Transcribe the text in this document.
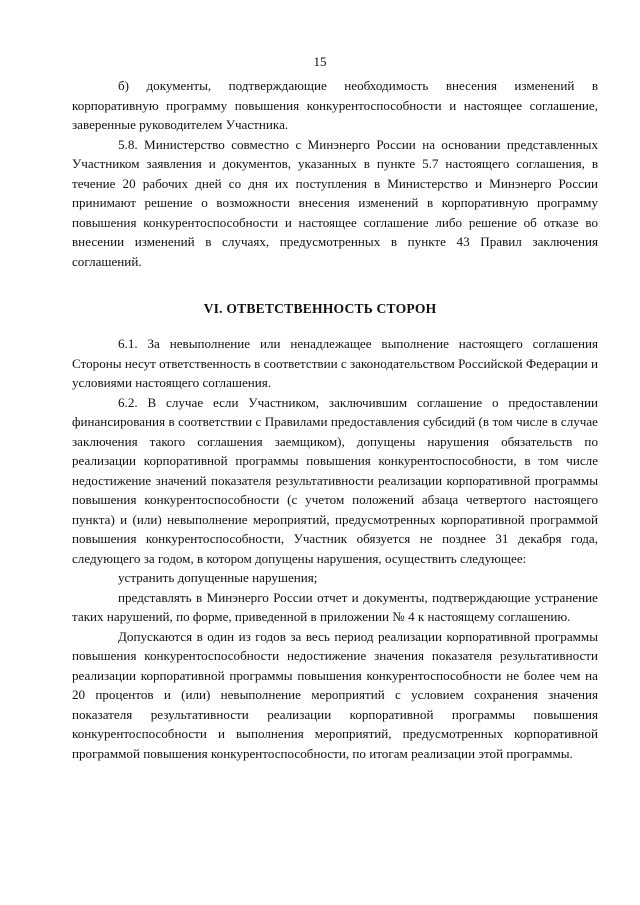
15

б) документы, подтверждающие необходимость внесения изменений в корпоративную программу повышения конкурентоспособности и настоящее соглашение, заверенные руководителем Участника.

5.8. Министерство совместно с Минэнерго России на основании представленных Участником заявления и документов, указанных в пункте 5.7 настоящего соглашения, в течение 20 рабочих дней со дня их поступления в Министерство и Минэнерго России принимают решение о возможности внесения изменений в корпоративную программу повышения конкурентоспособности и настоящее соглашение либо решение об отказе во внесении изменений в случаях, предусмотренных в пункте 43 Правил заключения соглашений.

VI. ОТВЕТСТВЕННОСТЬ СТОРОН

6.1. За невыполнение или ненадлежащее выполнение настоящего соглашения Стороны несут ответственность в соответствии с законодательством Российской Федерации и условиями настоящего соглашения.

6.2. В случае если Участником, заключившим соглашение о предоставлении финансирования в соответствии с Правилами предоставления субсидий (в том числе в случае заключения такого соглашения заемщиком), допущены нарушения обязательств по реализации корпоративной программы повышения конкурентоспособности, в том числе недостижение значений показателя результативности реализации корпоративной программы повышения конкурентоспособности (с учетом положений абзаца четвертого настоящего пункта) и (или) невыполнение мероприятий, предусмотренных корпоративной программой повышения конкурентоспособности, Участник обязуется не позднее 31 декабря года, следующего за годом, в котором допущены нарушения, осуществить следующее:

устранить допущенные нарушения;

представлять в Минэнерго России отчет и документы, подтверждающие устранение таких нарушений, по форме, приведенной в приложении № 4 к настоящему соглашению.

Допускаются в один из годов за весь период реализации корпоративной программы повышения конкурентоспособности недостижение значения показателя результативности реализации корпоративной программы повышения конкурентоспособности не более чем на 20 процентов и (или) невыполнение мероприятий с условием сохранения значения показателя результативности реализации корпоративной программы повышения конкурентоспособности и выполнения мероприятий, предусмотренных корпоративной программой повышения конкурентоспособности, по итогам реализации этой программы.
